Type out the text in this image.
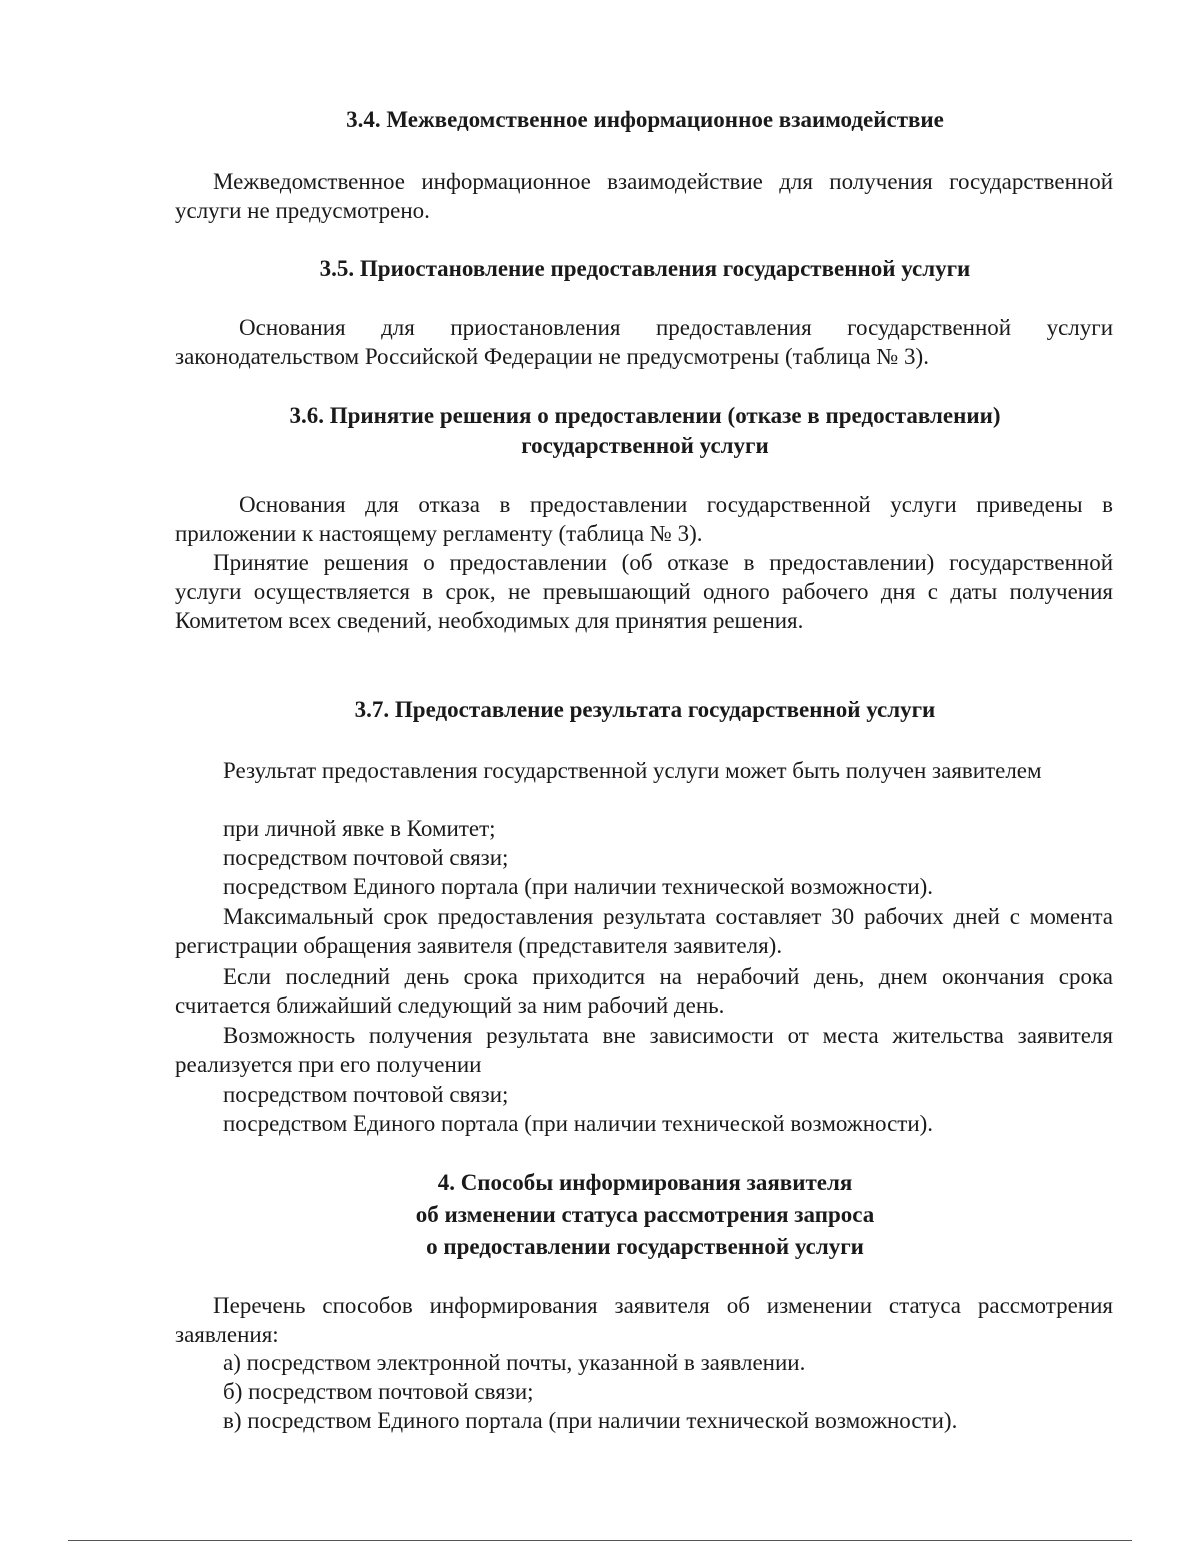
3.4. Межведомственное информационное взаимодействие

Межведомственное информационное взаимодействие для получения государственной услуги не предусмотрено.

3.5. Приостановление предоставления государственной услуги

Основания для приостановления предоставления государственной услуги законодательством Российской Федерации не предусмотрены (таблица № 3).

3.6. Принятие решения о предоставлении (отказе в предоставлении)
государственной услуги

Основания для отказа в предоставлении государственной услуги приведены в приложении к настоящему регламенту (таблица № 3).

Принятие решения о предоставлении (об отказе в предоставлении) государственной услуги осуществляется в срок, не превышающий одного рабочего дня с даты получения Комитетом всех сведений, необходимых для принятия решения.

3.7. Предоставление результата государственной услуги

Результат предоставления государственной услуги может быть получен заявителем

при личной явке в Комитет;

посредством почтовой связи;

посредством Единого портала (при наличии технической возможности).

Максимальный срок предоставления результата составляет 30 рабочих дней с момента регистрации обращения заявителя (представителя заявителя).

Если последний день срока приходится на нерабочий день, днем окончания срока считается ближайший следующий за ним рабочий день.

Возможность получения результата вне зависимости от места жительства заявителя реализуется при его получении

посредством почтовой связи;

посредством Единого портала (при наличии технической возможности).

4. Способы информирования заявителя
об изменении статуса рассмотрения запроса
о предоставлении государственной услуги

Перечень способов информирования заявителя об изменении статуса рассмотрения заявления:

а) посредством электронной почты, указанной в заявлении.

б) посредством почтовой связи;

в) посредством Единого портала (при наличии технической возможности).
